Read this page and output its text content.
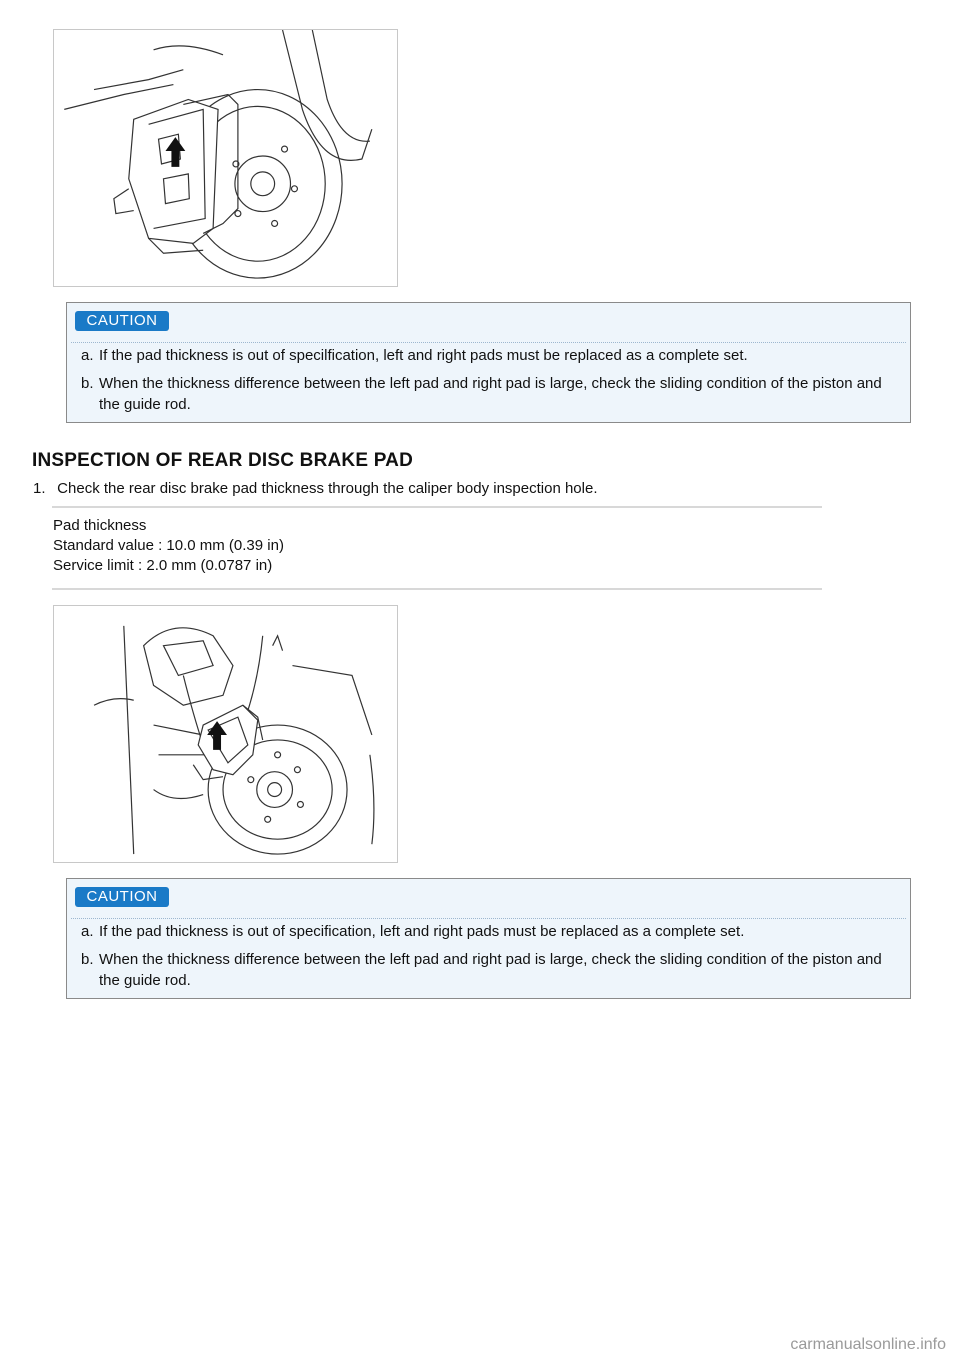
CAUTION
a. If the pad thickness is out of specilfication, left and right pads must be replaced as a complete set.
b. When the thickness difference between the left pad and right pad is large, check the sliding condition of the piston and the guide rod.
INSPECTION OF REAR DISC BRAKE PAD
1. Check the rear disc brake pad thickness through the caliper body inspection hole.
Pad thickness
Standard value : 10.0 mm (0.39 in)
Service limit : 2.0 mm (0.0787 in)
CAUTION
a. If the pad thickness is out of specification, left and right pads must be replaced as a complete set.
b. When the thickness difference between the left pad and right pad is large, check the sliding condition of the piston and the guide rod.
carmanualsonline.info
